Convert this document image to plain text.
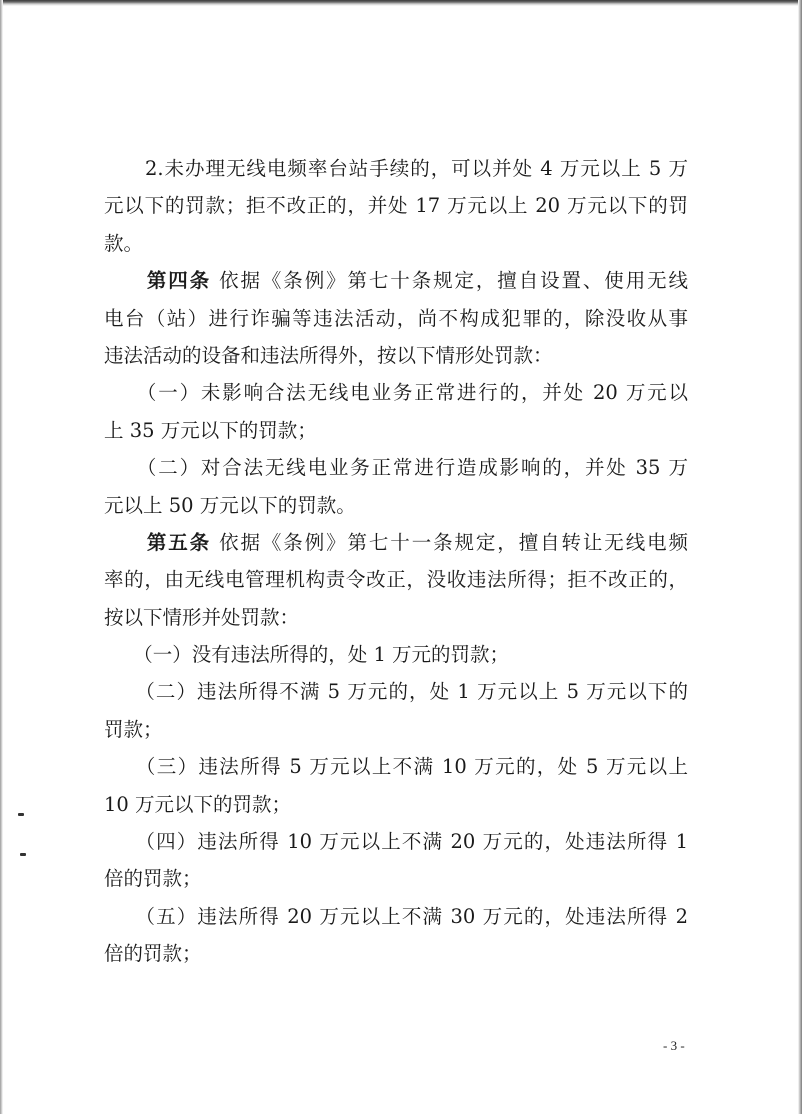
　　2.未办理无线电频率台站手续的，可以并处 4 万元以上 5 万
元以下的罚款；拒不改正的，并处 17 万元以上 20 万元以下的罚
款。
　　第四条 依据《条例》第七十条规定，擅自设置、使用无线
电台（站）进行诈骗等违法活动，尚不构成犯罪的，除没收从事
违法活动的设备和违法所得外，按以下情形处罚款：
　　（一）未影响合法无线电业务正常进行的，并处 20 万元以
上 35 万元以下的罚款；
　　（二）对合法无线电业务正常进行造成影响的，并处 35 万
元以上 50 万元以下的罚款。
　　第五条 依据《条例》第七十一条规定，擅自转让无线电频
率的，由无线电管理机构责令改正，没收违法所得；拒不改正的，
按以下情形并处罚款：
　　（一）没有违法所得的，处 1 万元的罚款；
　　（二）违法所得不满 5 万元的，处 1 万元以上 5 万元以下的
罚款；
　　（三）违法所得 5 万元以上不满 10 万元的，处 5 万元以上
10 万元以下的罚款；
　　（四）违法所得 10 万元以上不满 20 万元的，处违法所得 1
倍的罚款；
　　（五）违法所得 20 万元以上不满 30 万元的，处违法所得 2
倍的罚款；
- 3 -
